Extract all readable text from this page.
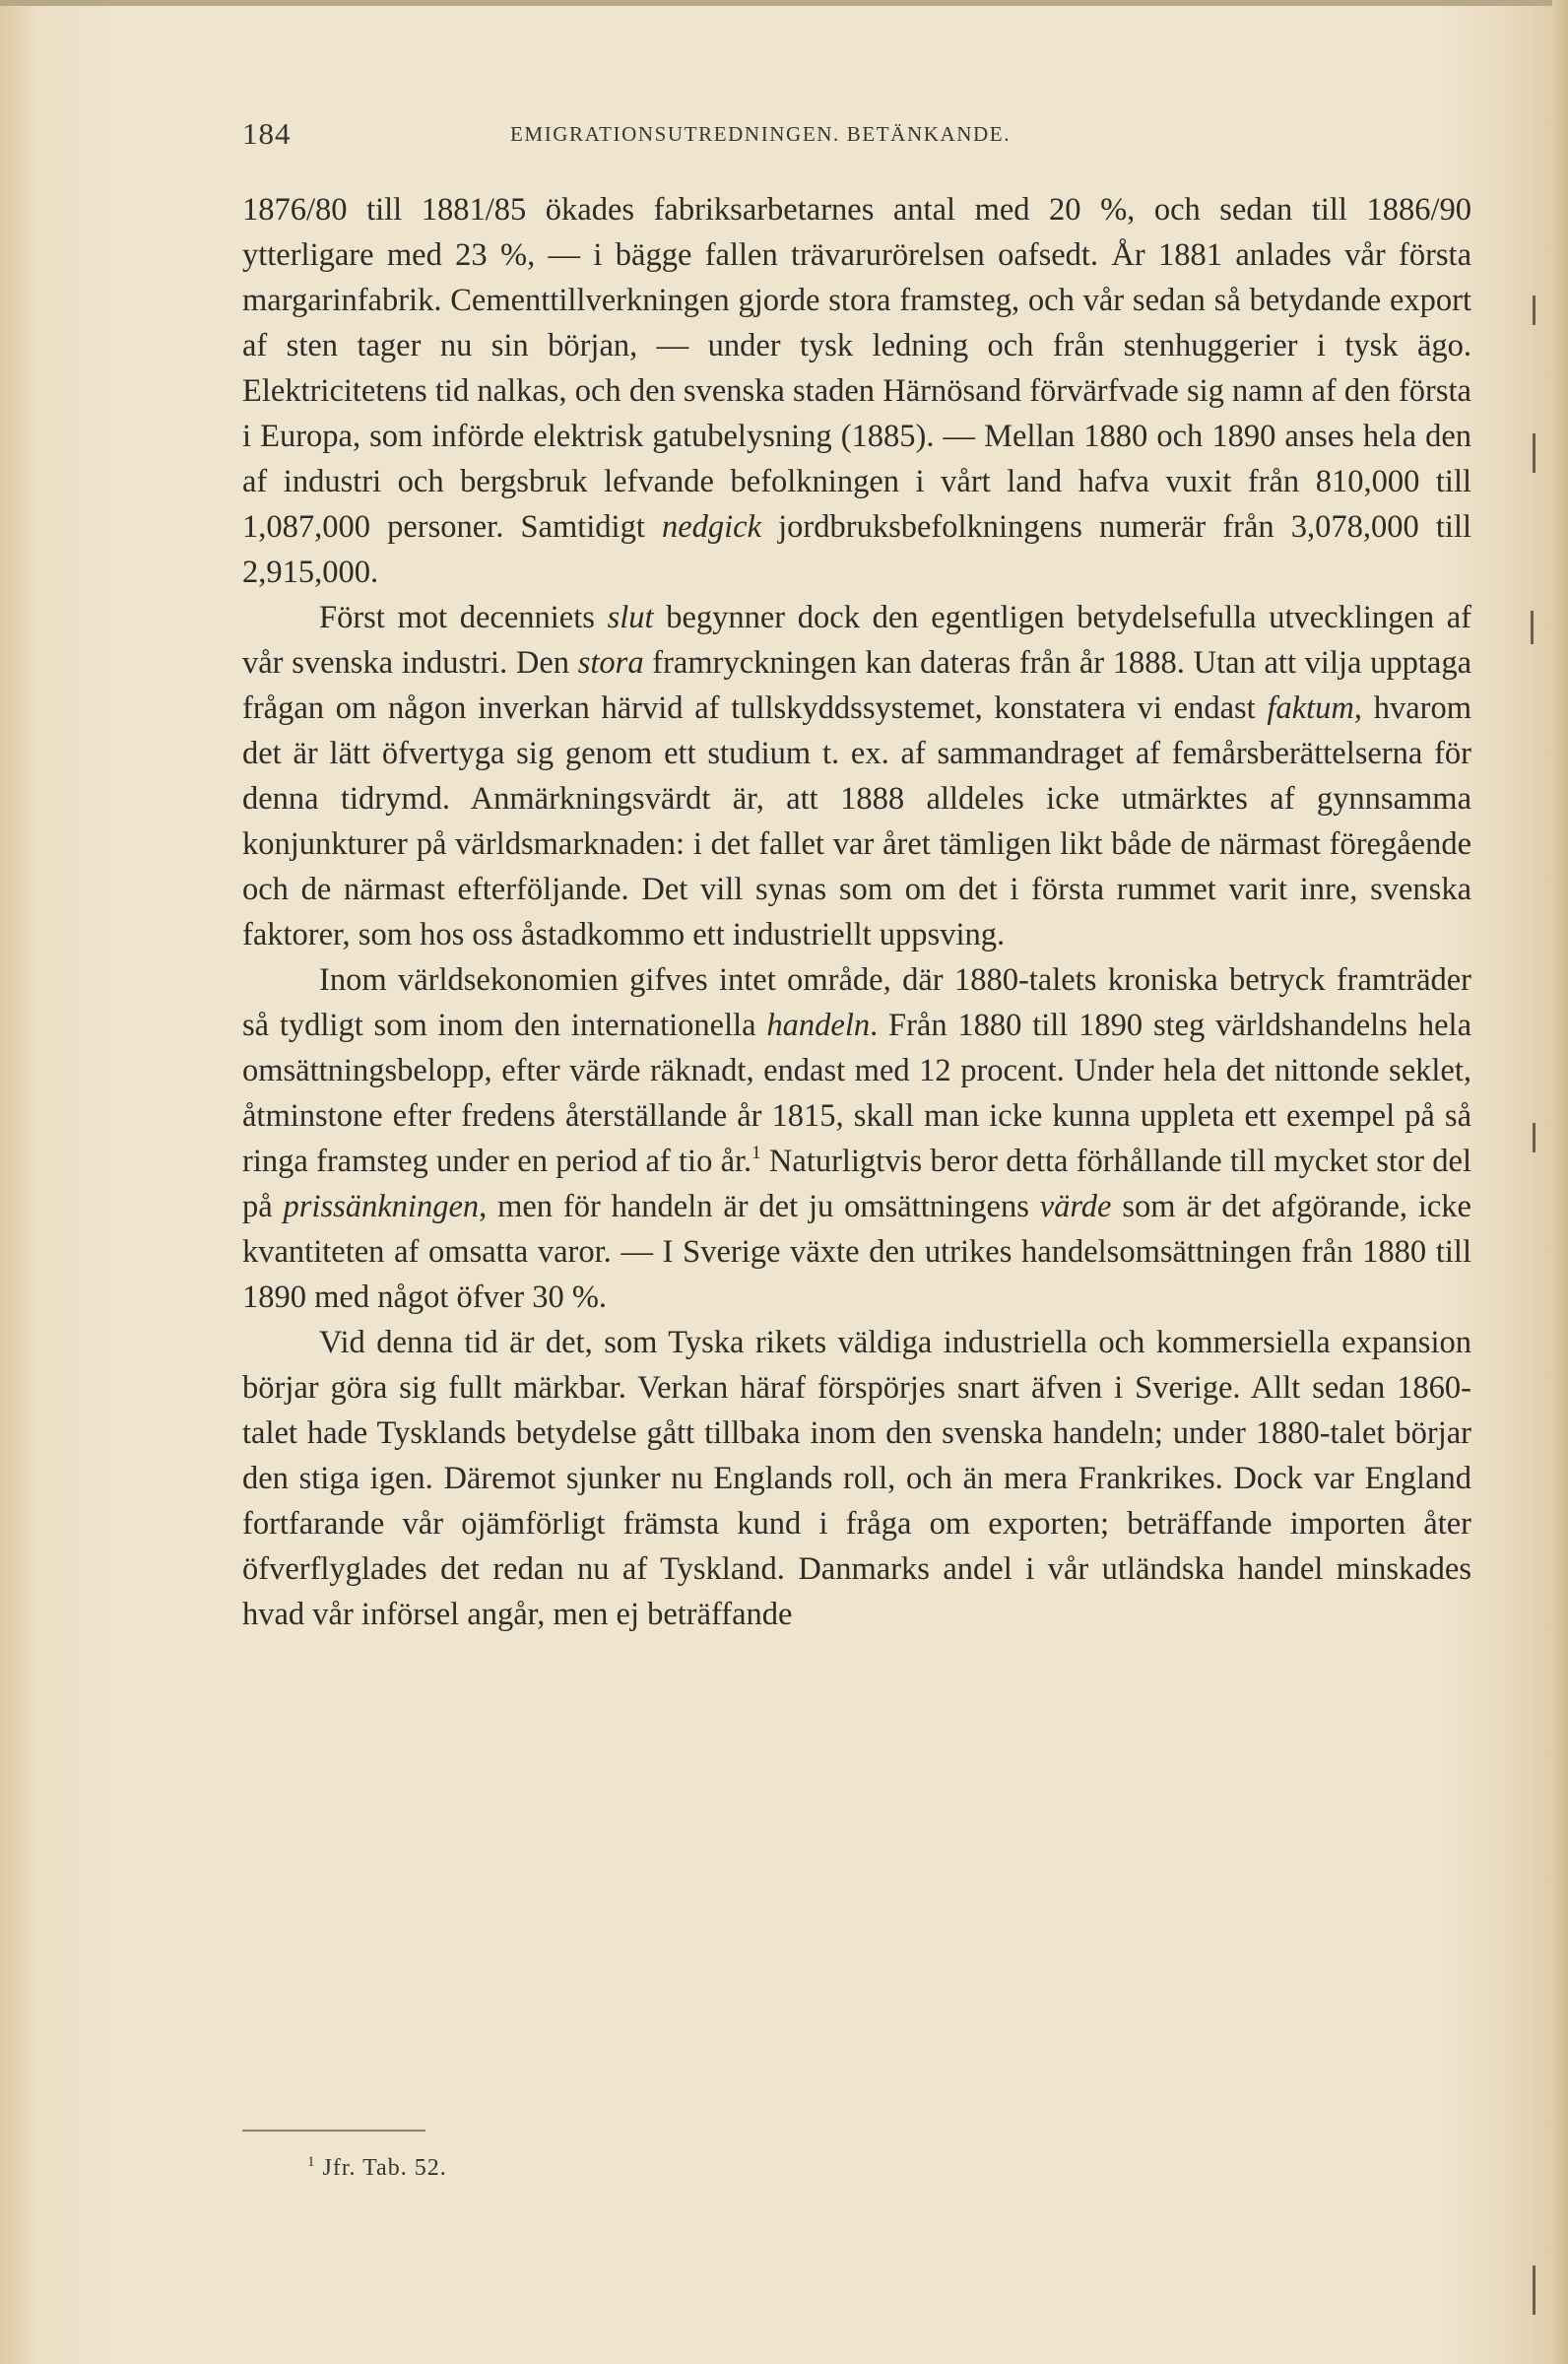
184	EMIGRATIONSUTREDNINGEN. BETÄNKANDE.

1876/80 till 1881/85 ökades fabriksarbetarnes antal med 20 %, och sedan till 1886/90 ytterligare med 23 %, — i bägge fallen trävarurörelsen oafsedt. År 1881 anlades vår första margarinfabrik. Cementtillverkningen gjorde stora framsteg, och vår sedan så betydande export af sten tager nu sin början, — under tysk ledning och från stenhuggerier i tysk ägo. Elektricitetens tid nalkas, och den svenska staden Härnösand förvärfvade sig namn af den första i Europa, som införde elektrisk gatubelysning (1885). — Mellan 1880 och 1890 anses hela den af industri och bergsbruk lefvande befolkningen i vårt land hafva vuxit från 810,000 till 1,087,000 personer. Samtidigt nedgick jordbruksbefolkningens numerär från 3,078,000 till 2,915,000.

Först mot decenniets slut begynner dock den egentligen betydelsefulla utvecklingen af vår svenska industri. Den stora framryckningen kan dateras från år 1888. Utan att vilja upptaga frågan om någon inverkan härvid af tullskyddssystemet, konstatera vi endast faktum, hvarom det är lätt öfvertyga sig genom ett studium t. ex. af sammandraget af femårsberättelserna för denna tidrymd. Anmärkningsvärdt är, att 1888 alldeles icke utmärktes af gynnsamma konjunkturer på världsmarknaden: i det fallet var året tämligen likt både de närmast föregående och de närmast efterföljande. Det vill synas som om det i första rummet varit inre, svenska faktorer, som hos oss åstadkommo ett industriellt uppsving.

Inom världsekonomien gifves intet område, där 1880-talets kroniska betryck framträder så tydligt som inom den internationella handeln. Från 1880 till 1890 steg världshandelns hela omsättningsbelopp, efter värde räknadt, endast med 12 procent. Under hela det nittonde seklet, åtminstone efter fredens återställande år 1815, skall man icke kunna uppleta ett exempel på så ringa framsteg under en period af tio år.$^1$ Naturligtvis beror detta förhållande till mycket stor del på prissänkningen, men för handeln är det ju omsättningens värde som är det afgörande, icke kvantiteten af omsatta varor. — I Sverige växte den utrikes handelsomsättningen från 1880 till 1890 med något öfver 30 %.

Vid denna tid är det, som Tyska rikets väldiga industriella och kommersiella expansion börjar göra sig fullt märkbar. Verkan häraf förspörjes snart äfven i Sverige. Allt sedan 1860-talet hade Tysklands betydelse gått tillbaka inom den svenska handeln; under 1880-talet börjar den stiga igen. Däremot sjunker nu Englands roll, och än mera Frankrikes. Dock var England fortfarande vår ojämförligt främsta kund i fråga om exporten; beträffande importen åter öfverflyglades det redan nu af Tyskland. Danmarks andel i vår utländska handel minskades hvad vår införsel angår, men ej beträffande

$^1$ Jfr. Tab. 52.
